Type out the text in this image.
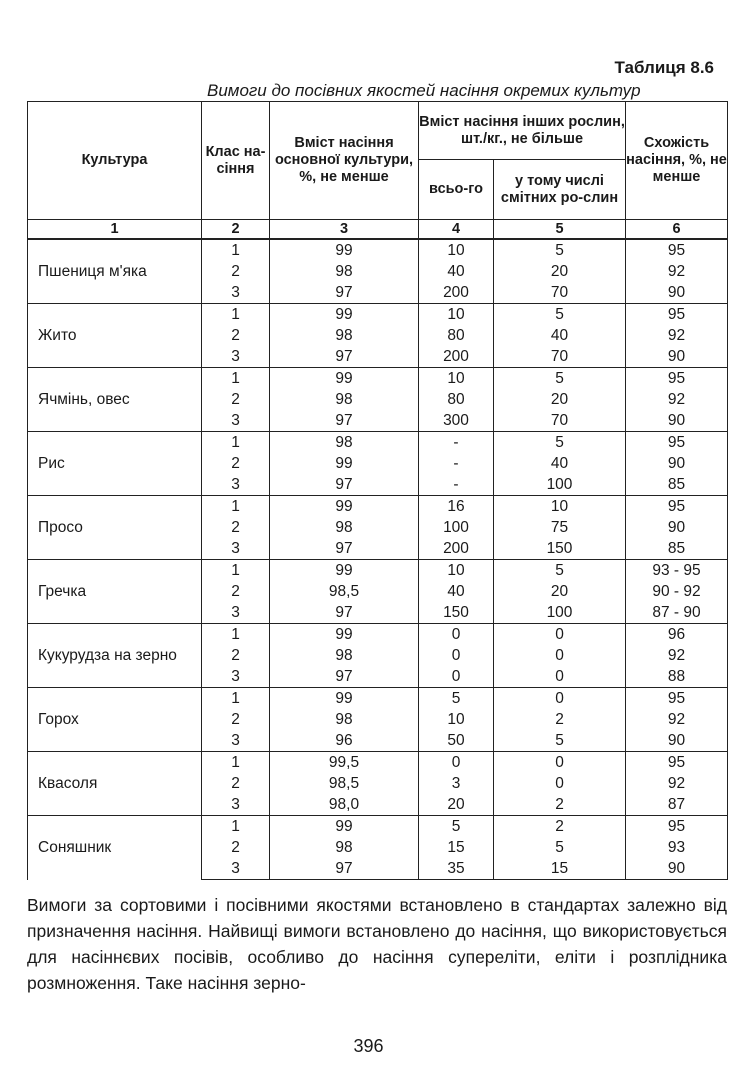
Таблиця 8.6
Вимоги до посівних якостей насіння окремих культур
Культура	Клас на-сіння	Вміст насіння основної культури, %, не менше	Вміст насіння інших рослин, шт./кг., не більше		Схожість насіння, %, не менше
			всьо-го	у тому числі смітних ро-слин	
1	2	3	4	5	6
Пшениця м'яка	1	99	10	5	95
	2	98	40	20	92
	3	97	200	70	90
Жито	1	99	10	5	95
	2	98	80	40	92
	3	97	200	70	90
Ячмінь, овес	1	99	10	5	95
	2	98	80	20	92
	3	97	300	70	90
Рис	1	98	-	5	95
	2	99	-	40	90
	3	97	-	100	85
Просо	1	99	16	10	95
	2	98	100	75	90
	3	97	200	150	85
Гречка	1	99	10	5	93 - 95
	2	98,5	40	20	90 - 92
	3	97	150	100	87 - 90
Кукурудза на зерно	1	99	0	0	96
	2	98	0	0	92
	3	97	0	0	88
Горох	1	99	5	0	95
	2	98	10	2	92
	3	96	50	5	90
Квасоля	1	99,5	0	0	95
	2	98,5	3	0	92
	3	98,0	20	2	87
Соняшник	1	99	5	2	95
	2	98	15	5	93
	3	97	35	15	90
Вимоги за сортовими і посівними якостями встановлено в стандартах залежно від призначення насіння. Найвищі вимоги встановлено до насіння, що використовується для насіннєвих посівів, особливо до насіння супереліти, еліти і розплідника розмноження. Таке насіння зерно-
396
